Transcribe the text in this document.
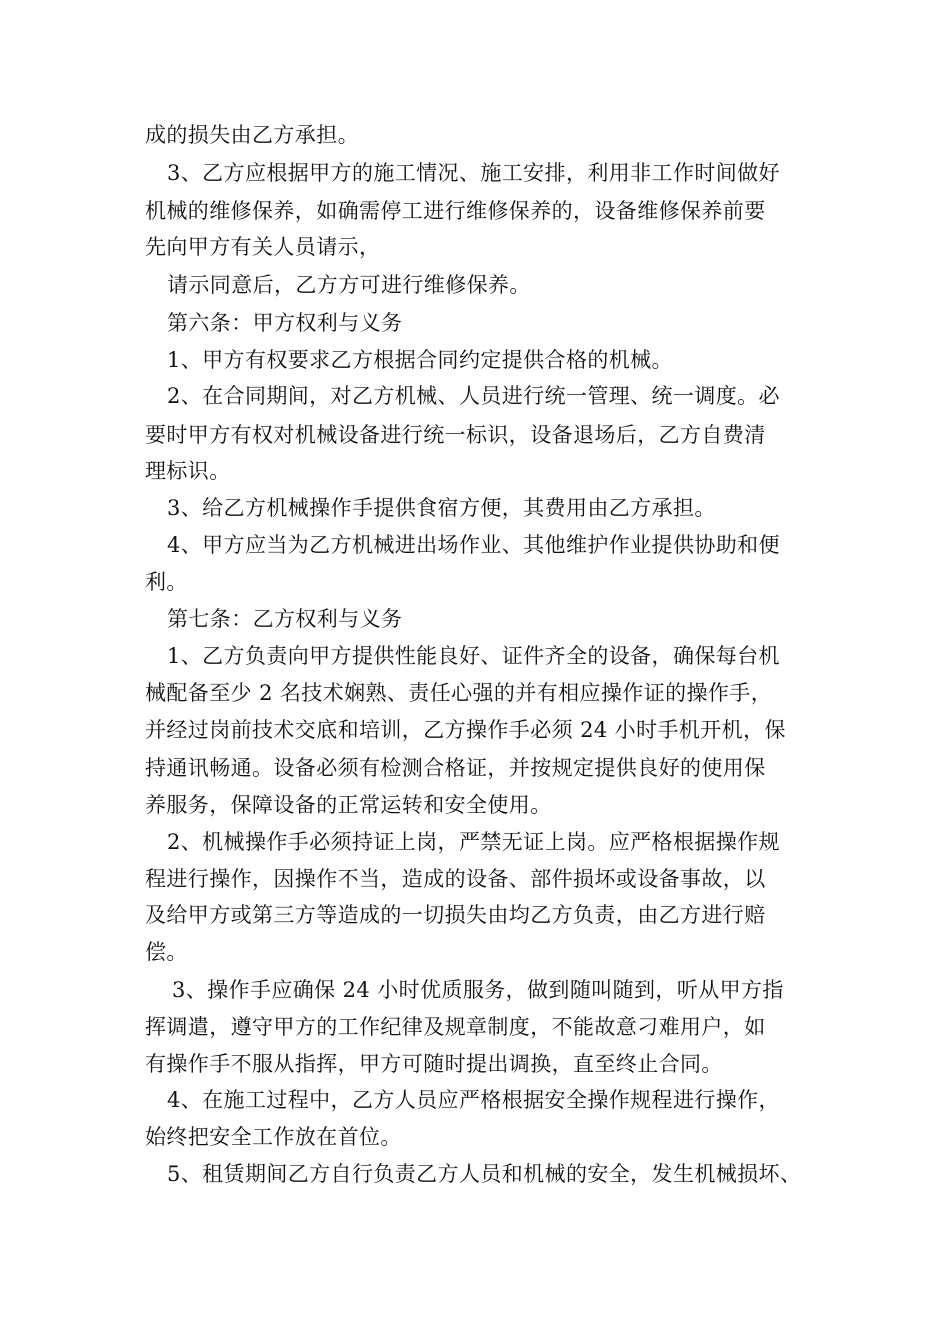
成的损失由乙方承担。
3、乙方应根据甲方的施工情况、施工安排，利用非工作时间做好
机械的维修保养，如确需停工进行维修保养的，设备维修保养前要
先向甲方有关人员请示，
请示同意后，乙方方可进行维修保养。
第六条：甲方权利与义务
1、甲方有权要求乙方根据合同约定提供合格的机械。
2、在合同期间，对乙方机械、人员进行统一管理、统一调度。必
要时甲方有权对机械设备进行统一标识，设备退场后，乙方自费清
理标识。
3、给乙方机械操作手提供食宿方便，其费用由乙方承担。
4、甲方应当为乙方机械进出场作业、其他维护作业提供协助和便
利。
第七条：乙方权利与义务
1、乙方负责向甲方提供性能良好、证件齐全的设备，确保每台机
械配备至少 2 名技术娴熟、责任心强的并有相应操作证的操作手，
并经过岗前技术交底和培训，乙方操作手必须 24 小时手机开机，保
持通讯畅通。设备必须有检测合格证，并按规定提供良好的使用保
养服务，保障设备的正常运转和安全使用。
2、机械操作手必须持证上岗，严禁无证上岗。应严格根据操作规
程进行操作，因操作不当，造成的设备、部件损坏或设备事故，以
及给甲方或第三方等造成的一切损失由均乙方负责，由乙方进行赔
偿。
3、操作手应确保 24 小时优质服务，做到随叫随到，听从甲方指
挥调遣，遵守甲方的工作纪律及规章制度，不能故意刁难用户，如
有操作手不服从指挥，甲方可随时提出调换，直至终止合同。
4、在施工过程中，乙方人员应严格根据安全操作规程进行操作，
始终把安全工作放在首位。
5、租赁期间乙方自行负责乙方人员和机械的安全，发生机械损坏、
